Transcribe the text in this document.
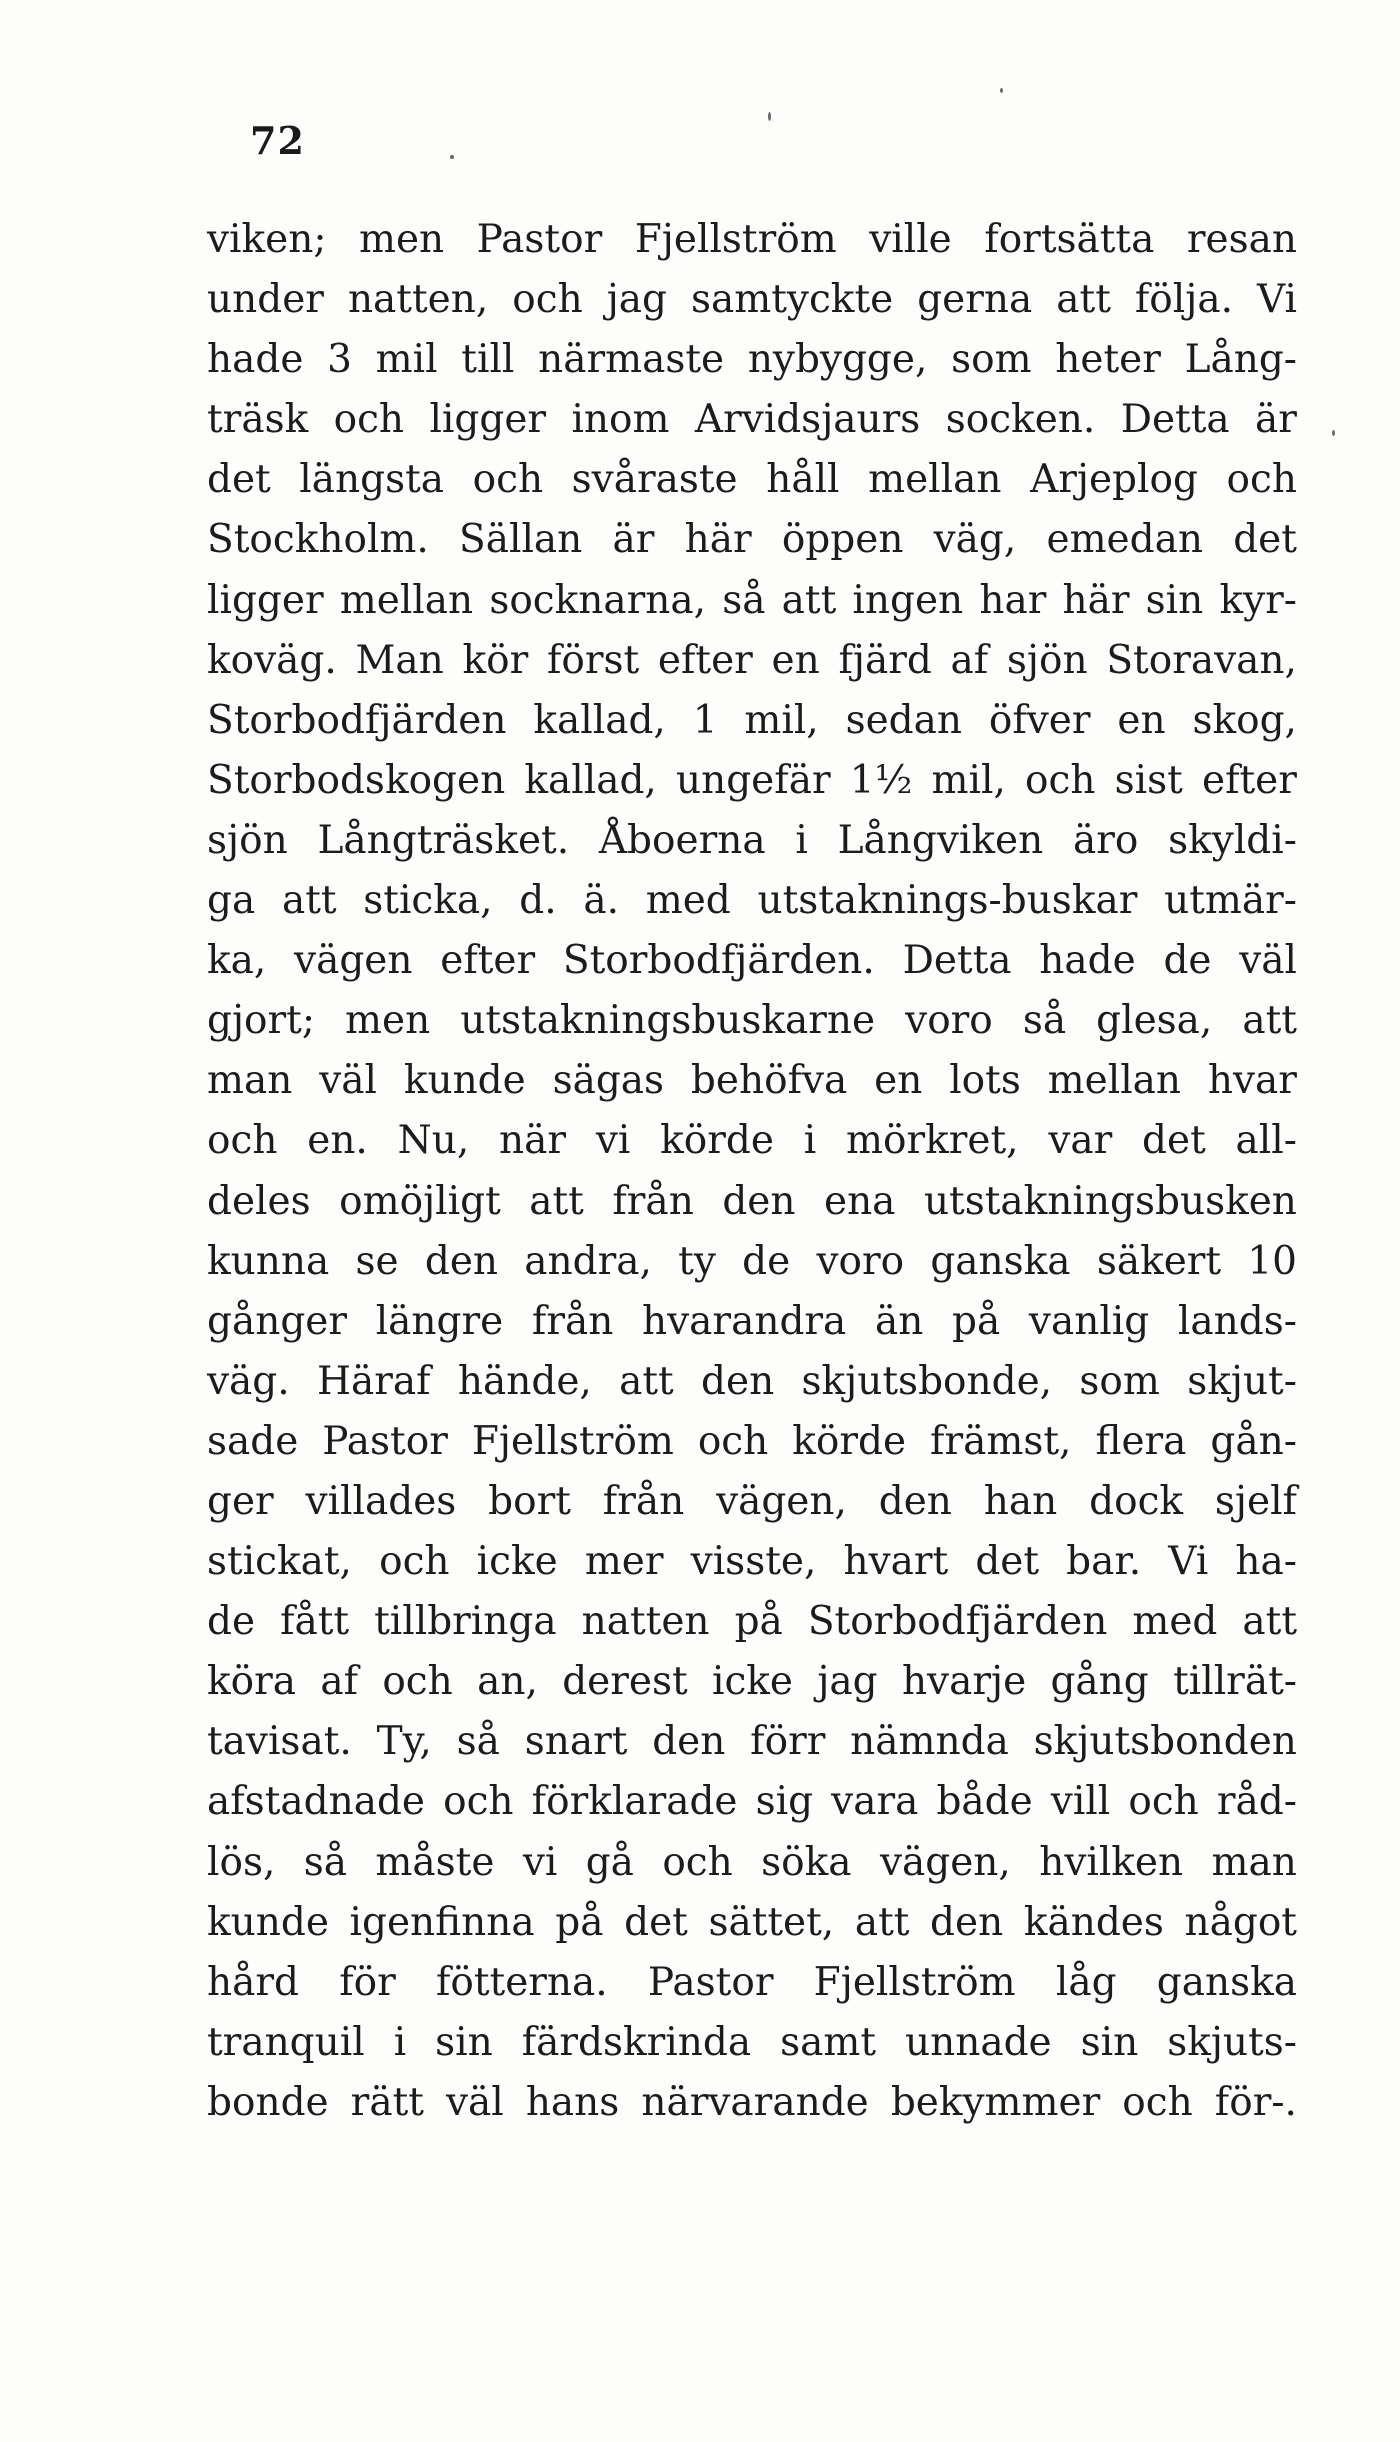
72
viken; men Pastor Fjellström ville fortsätta resan
under natten, och jag samtyckte gerna att följa. Vi
hade 3 mil till närmaste nybygge, som heter Lång-
träsk och ligger inom Arvidsjaurs socken. Detta är
det längsta och svåraste håll mellan Arjeplog och
Stockholm. Sällan är här öppen väg, emedan det
ligger mellan socknarna, så att ingen har här sin kyr-
koväg. Man kör först efter en fjärd af sjön Storavan,
Storbodfjärden kallad, 1 mil, sedan öfver en skog,
Storbodskogen kallad, ungefär 1½ mil, och sist efter
sjön Långträsket. Åboerna i Långviken äro skyldi-
ga att sticka, d. ä. med utstaknings-buskar utmär-
ka, vägen efter Storbodfjärden. Detta hade de väl
gjort; men utstakningsbuskarne voro så glesa, att
man väl kunde sägas behöfva en lots mellan hvar
och en. Nu, när vi körde i mörkret, var det all-
deles omöjligt att från den ena utstakningsbusken
kunna se den andra, ty de voro ganska säkert 10
gånger längre från hvarandra än på vanlig lands-
väg. Häraf hände, att den skjutsbonde, som skjut-
sade Pastor Fjellström och körde främst, flera gån-
ger villades bort från vägen, den han dock sjelf
stickat, och icke mer visste, hvart det bar. Vi ha-
de fått tillbringa natten på Storbodfjärden med att
köra af och an, derest icke jag hvarje gång tillrät-
tavisat. Ty, så snart den förr nämnda skjutsbonden
afstadnade och förklarade sig vara både vill och råd-
lös, så måste vi gå och söka vägen, hvilken man
kunde igenfinna på det sättet, att den kändes något
hård för fötterna. Pastor Fjellström låg ganska
tranquil i sin färdskrinda samt unnade sin skjuts-
bonde rätt väl hans närvarande bekymmer och för-.
